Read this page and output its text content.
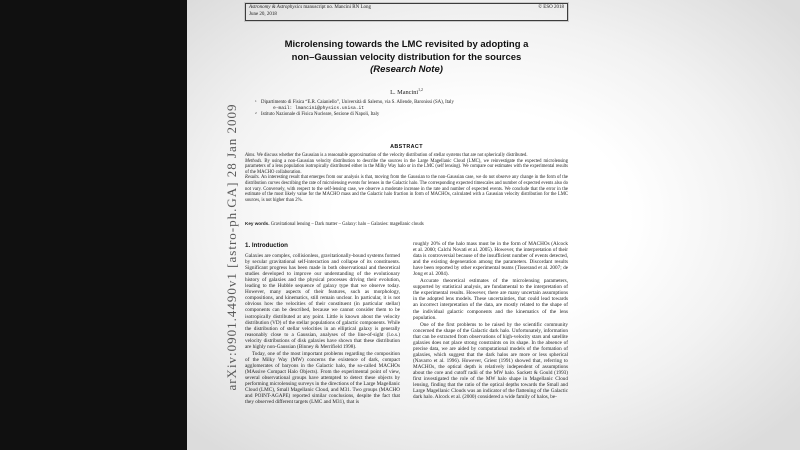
Astronomy & Astrophysics manuscript no. Mancini RN Long
June 20, 2018
© ESO 2018
Microlensing towards the LMC revisited by adopting a
non–Gaussian velocity distribution for the sources
(Research Note)
L. Mancini$^{1,2}$
1 Dipartimento di Fisica “E.R. Caianiello”, Università di Salerno, via S. Allende, Baronissi (SA), Italy
e-mail: lmancini@physics.unisa.it
2 Istituto Nazionale di Fisica Nucleare, Sezione di Napoli, Italy
ABSTRACT
Aims. We discuss whether the Gaussian is a reasonable approximation of the velocity distribution of stellar systems that are not spherically distributed.
Methods. By using a non-Gaussian velocity distribution to describe the sources in the Large Magellanic Cloud (LMC), we reinvestigate the expected microlensing parameters of a lens population isotropically distributed either in the Milky Way halo or in the LMC (self lensing). We compare our estimates with the experimental results of the MACHO collaboration.
Results. An interesting result that emerges from our analysis is that, moving from the Gaussian to the non-Gaussian case, we do not observe any change in the form of the distribution curves describing the rate of microlensing events for lenses in the Galactic halo. The corresponding expected timescales and number of expected events also do not vary. Conversely, with respect to the self-lensing case, we observe a moderate increase in the rate and number of expected events. We conclude that the error in the estimate of the most likely value for the MACHO mass and the Galactic halo fraction in form of MACHOs, calculated with a Gaussian velocity distribution for the LMC sources, is not higher than 2%.
Key words. Gravitational lensing – Dark matter – Galaxy: halo – Galaxies: magellanic clouds
1. Introduction

Galaxies are complex, collisionless, gravitationally-bound systems formed by secular gravitational self-interaction and collapse of its constituents. Significant progress has been made in both observational and theoretical studies developed to improve our understanding of the evolutionary history of galaxies and the physical processes driving their evolution, leading to the Hubble sequence of galaxy type that we observe today. However, many aspects of their features, such as morphology, compositions, and kinematics, still remain unclear. In particular, it is not obvious how the velocities of their constituent (in particular stellar) components can be described, because we cannot consider them to be isotropically distributed at any point. Little is known about the velocity distribution (VD) of the stellar populations of galactic components. While the distribution of stellar velocities in an elliptical galaxy is generally reasonably close to a Gaussian, analyses of the line-of-sight (l.o.s.) velocity distributions of disk galaxies have shown that these distribution are highly non-Gaussian (Binney & Merrifield 1998).

Today, one of the most important problems regarding the composition of the Milky Way (MW) concerns the existence of dark, compact agglomerates of baryons in the Galactic halo, the so-called MACHOs (MAssive Compact Halo Objects). From the experimental point of view, several observational groups have attempted to detect these objects by performing microlensing surveys in the directions of the Large Magellanic Cloud (LMC), Small Magellanic Cloud, and M31. Two groups (MACHO and POINT-AGAPE) reported similar conclusions, despite the fact that they observed different targets (LMC and M31), that is

roughly 20% of the halo mass must be in the form of MACHOs (Alcock et al. 2000; Calchi Novati et al. 2005). However, the interpretation of their data is controversial because of the insufficient number of events detected, and the existing degeneration among the parameters. Discordant results have been reported by other experimental teams (Tisserand et al. 2007; de Jong et al. 2004).

Accurate theoretical estimates of the microlensing parameters, supported by statistical analysis, are fundamental to the interpretation of the experimental results. However, there are many uncertain assumptions in the adopted lens models. These uncertainties, that could lead towards an incorrect interpretation of the data, are mostly related to the shape of the individual galactic components and the kinematics of the lens population.

One of the first problems to be raised by the scientific community concerned the shape of the Galactic dark halo. Unfortunately, information that can be extracted from observations of high-velocity stars and satellite galaxies does not place strong constraints on its shape. In the absence of precise data, we are aided by computational models of the formation of galaxies, which suggest that the dark halos are more or less spherical (Navarro et al. 1996). However, Griest (1991) showed that, referring to MACHOs, the optical depth is relatively independent of assumptions about the core and cutoff radii of the MW halo. Sackett & Gould (1993) first investigated the role of the MW halo shape in Magellanic Cloud lensing, finding that the ratio of the optical depths towards the Small and Large Magellanic Clouds was an indicator of the flattening of the Galactic dark halo. Alcock et al. (2000) considered a wide family of halos, be-

arXiv:0901.4490v1 [astro-ph.GA] 28 Jan 2009
